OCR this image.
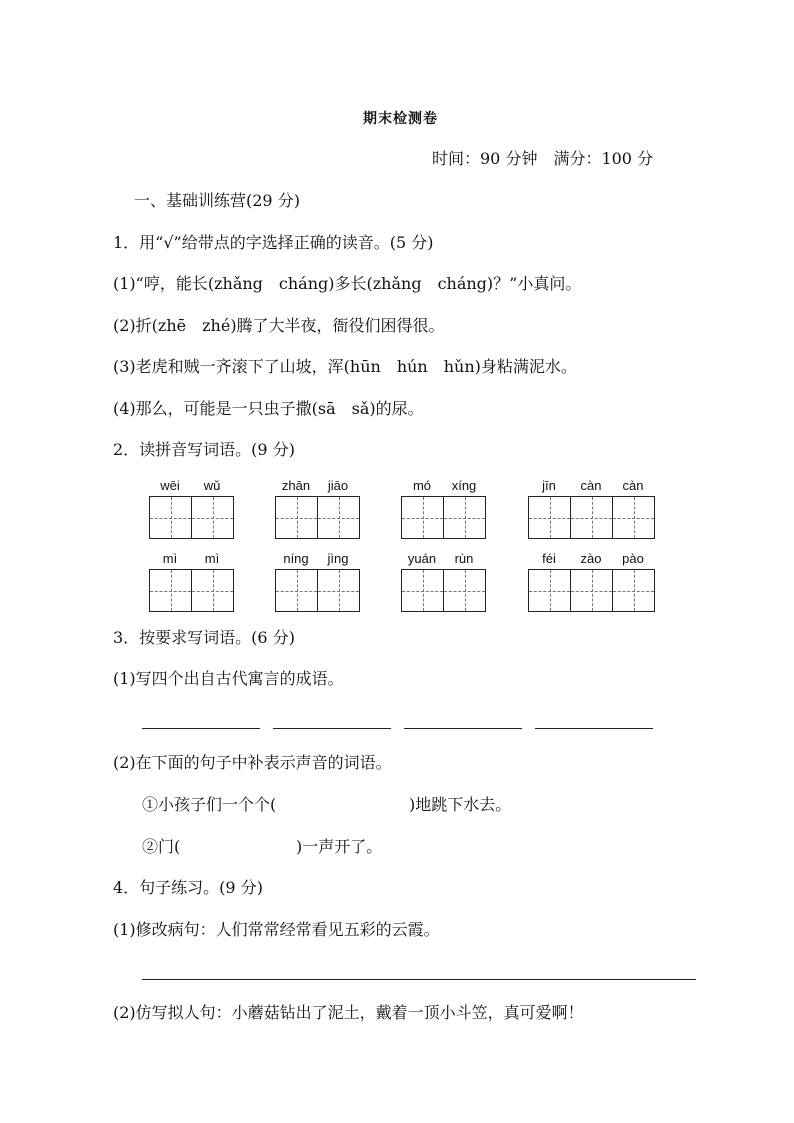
期末检测卷
时间：90 分钟　满分：100 分
一、基础训练营(29 分)
1．用“√”给带点的字选择正确的读音。(5 分)
(1)“哼，能长(zhǎng　cháng)多长(zhǎng　cháng)？”小真问。
(2)折(zhē　zhé)腾了大半夜，衙役们困得很。
(3)老虎和贼一齐滚下了山坡，浑(hūn　hún　hǔn)身粘满泥水。
(4)那么，可能是一只虫子撒(sā　sǎ)的尿。
2．读拼音写词语。(9 分)
wēi	wǔ	zhān	jiāo	mó	xíng	jīn	càn	càn
mì	mì	níng	jìng	yuán	rùn	féi	zào	pào
3．按要求写词语。(6 分)
(1)写四个出自古代寓言的成语。
(2)在下面的句子中补表示声音的词语。
①小孩子们一个个(	)地跳下水去。
②门(	)一声开了。
4．句子练习。(9 分)
(1)修改病句：人们常常经常看见五彩的云霞。
(2)仿写拟人句：小蘑菇钻出了泥土，戴着一顶小斗笠，真可爱啊！
